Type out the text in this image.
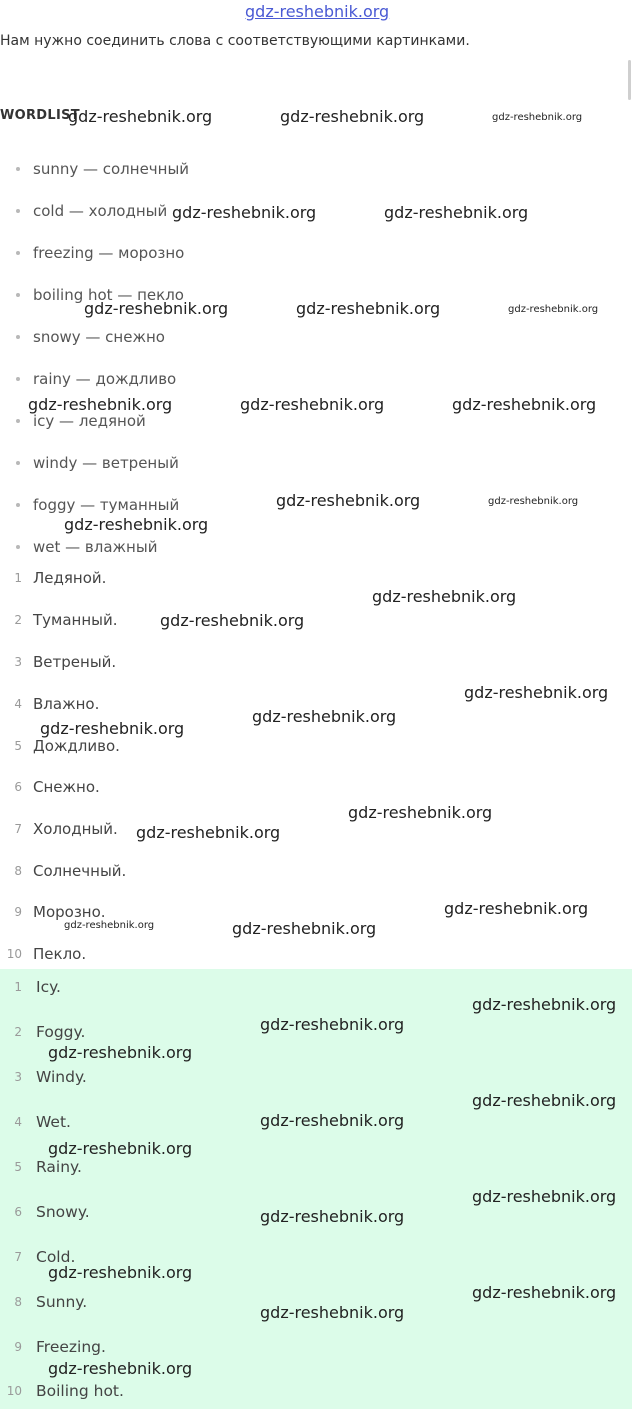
gdz-reshebnik.org
Нам нужно соединить слова с соответствующими картинками.
WORDLIST
sunny — солнечный
cold — холодный
freezing — морозно
boiling hot — пекло
snowy — снежно
rainy — дождливо
icy — ледяной
windy — ветреный
foggy — туманный
wet — влажный
1 Ледяной.
2 Туманный.
3 Ветреный.
4 Влажно.
5 Дождливо.
6 Снежно.
7 Холодный.
8 Солнечный.
9 Морозно.
10 Пекло.
1 Icy.
2 Foggy.
3 Windy.
4 Wet.
5 Rainy.
6 Snowy.
7 Cold.
8 Sunny.
9 Freezing.
10 Boiling hot.
gdz-reshebnik.org	gdz-reshebnik.org	gdz-reshebnik.org
gdz-reshebnik.org	gdz-reshebnik.org
gdz-reshebnik.org	gdz-reshebnik.org	gdz-reshebnik.org
gdz-reshebnik.org	gdz-reshebnik.org	gdz-reshebnik.org
gdz-reshebnik.org	gdz-reshebnik.org
gdz-reshebnik.org
gdz-reshebnik.org
gdz-reshebnik.org
gdz-reshebnik.org
gdz-reshebnik.org
gdz-reshebnik.org
gdz-reshebnik.org
gdz-reshebnik.org
gdz-reshebnik.org
gdz-reshebnik.org	gdz-reshebnik.org
gdz-reshebnik.org
gdz-reshebnik.org
gdz-reshebnik.org
gdz-reshebnik.org
gdz-reshebnik.org
gdz-reshebnik.org
gdz-reshebnik.org
gdz-reshebnik.org
gdz-reshebnik.org
gdz-reshebnik.org
gdz-reshebnik.org
gdz-reshebnik.org
